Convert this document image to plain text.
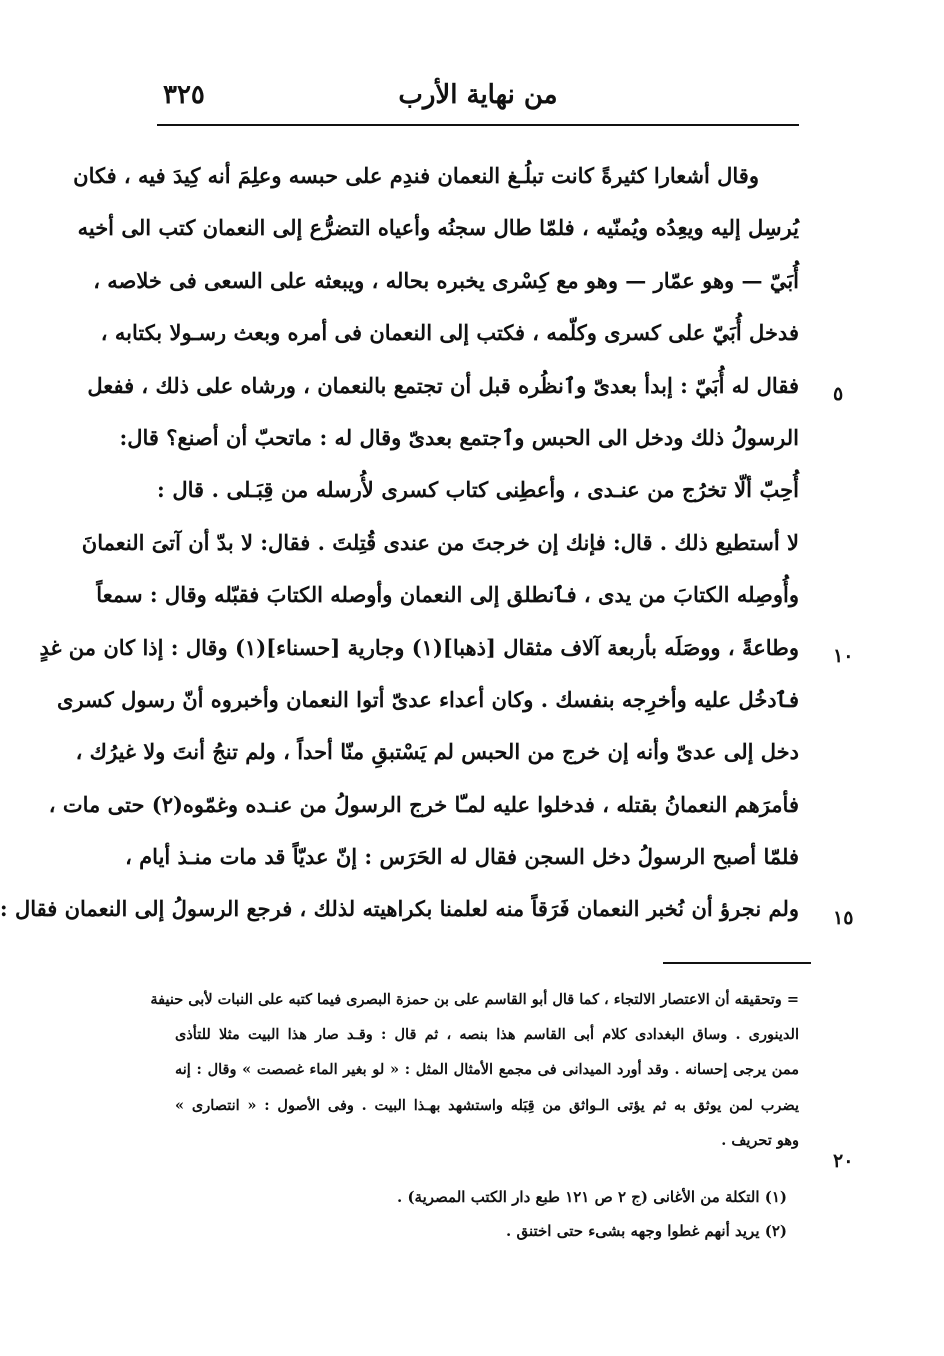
من نهاية الأرب
٣٢٥
وقال أشعارا كثيرةً كانت تبلُـغ النعمان فندِم على حبسه وعلِمَ أنه كِيدَ فيه ، فكان
يُرسِل إليه ويعِدُه ويُمنّيه ، فلمّا طال سجنُه وأعياه التضرُّع إلى النعمان كتب الى أخيه
أُبَيّ — وهو عمّار — وهو مع كِسْرى يخبره بحاله ، ويبعثه على السعى فى خلاصه ،
فدخل أُبَيّ على كسرى وكلّمه ، فكتب إلى النعمان فى أمره وبعث رسـولا بكتابه ،
فقال له أُبَيّ : إبدأ بعدىّ وٱنظُره قبل أن تجتمع بالنعمان ، ورشاه على ذلك ، ففعل
الرسولُ ذلك ودخل الى الحبس وٱجتمع بعدىّ وقال له : ماتحبّ أن أصنع؟ قال:
أُحِبّ ألّا تخرُج من عنـدى ، وأعطِنى كتاب كسرى لأُرسله من قِبَـلى . قال :
لا أستطيع ذلك . قال: فإنك إن خرجتَ من عندى قُتِلتَ . فقال: لا بدّ أن آتىَ النعمانَ
وأُوصِله الكتابَ من يدى ، فٱنطلق إلى النعمان وأوصله الكتابَ فقبّله وقال : سمعاً
وطاعةً ، ووصَلَه بأربعة آلاف مثقال [ذهبا](١) وجارية [حسناء](١) وقال : إذا كان من غدٍ
فٱدخُل عليه وأخرِجه بنفسك . وكان أعداء عدىّ أتوا النعمان وأخبروه أنّ رسول كسرى
دخل إلى عدىّ وأنه إن خرج من الحبس لم يَسْتبقِ منّا أحداً ، ولم تنجُ أنتَ ولا غيرُك ،
فأمرَهم النعمانُ بقتله ، فدخلوا عليه لمـّا خرج الرسولُ من عنـده وغمّوه(٢) حتى مات ،
فلمّا أصبح الرسولُ دخل السجن فقال له الحَرَس : إنّ عديّاً قد مات منـذ أيام ،
ولم نجرؤ أن نُخبر النعمان فَرَقاً منه لعلمنا بكراهيته لذلك ، فرجع الرسولُ إلى النعمان فقال :
٥
١٠
١٥
٢٠
= وتحقيقه أن الاعتصار الالتجاء ، كما قال أبو القاسم على بن حمزة البصرى فيما كتبه على النبات لأبى حنيفة
الدينورى . وساق البغدادى كلام أبى القاسم هذا بنصه ، ثم قال : وقـد صار هذا البيت مثلا للتأذى
ممن يرجى إحسانه . وقد أورد الميدانى فى مجمع الأمثال المثل : « لو بغير الماء غصصت » وقال : إنه
يضرب لمن يوثق به ثم يؤتى الـواثق من قِبَله واستشهد بهـذا البيت . وفى الأصول : « انتصارى »
وهو تحريف .
(١) التكلة من الأغانى (ج ٢ ص ١٢١ طبع دار الكتب المصرية) .
(٢) يريد أنهم غطوا وجهه بشىء حتى اختنق .
